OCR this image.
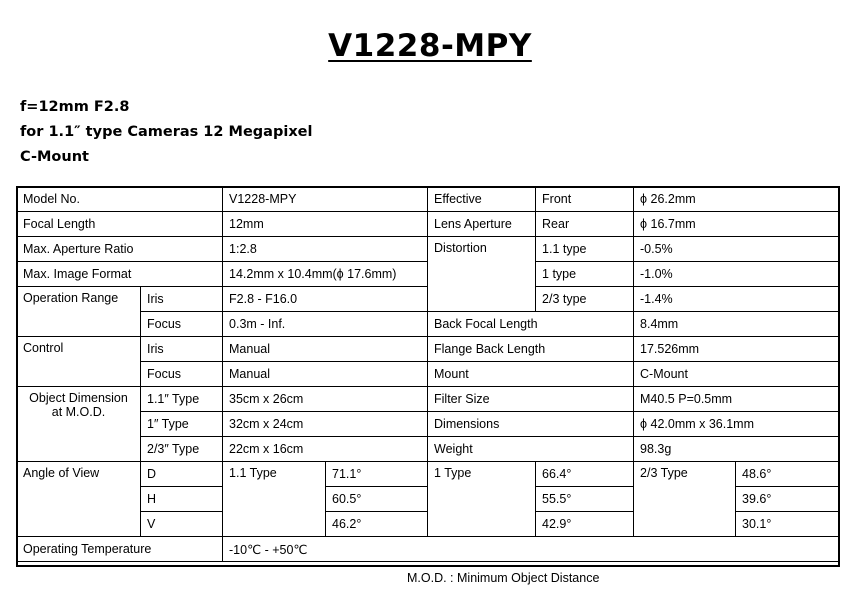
V1228-MPY
f=12mm F2.8
for 1.1″ type Cameras 12 Megapixel
C-Mount
Model No.		V1228-MPY		Effective	Front	ϕ 26.2mm	
Focal Length		12mm		Lens Aperture	Rear	ϕ 16.7mm	
Max. Aperture Ratio		1:2.8		Distortion	1.1 type	-0.5%	
Max. Image Format		14.2mm x 10.4mm(ϕ 17.6mm)			1 type	-1.0%	
Operation Range	Iris	F2.8 - F16.0			2/3 type	-1.4%	
	Focus	0.3m - Inf.		Back Focal Length		8.4mm	
Control	Iris	Manual		Flange Back Length		17.526mm	
	Focus	Manual		Mount		C-Mount	

Object Dimension
at M.O.D.	1.1″ Type	35cm x 26cm		Filter Size		M40.5 P=0.5mm	
	1″ Type	32cm x 24cm		Dimensions		ϕ 42.0mm x 36.1mm	
	2/3″ Type	22cm x 16cm		Weight		98.3g	
Angle of View	D	1.1 Type	71.1°	1 Type	66.4°	2/3 Type	48.6°
	H		60.5°		55.5°		39.6°
	V		46.2°		42.9°		30.1°
Operating Temperature		-10℃ - +50℃					
M.O.D. : Minimum Object Distance
